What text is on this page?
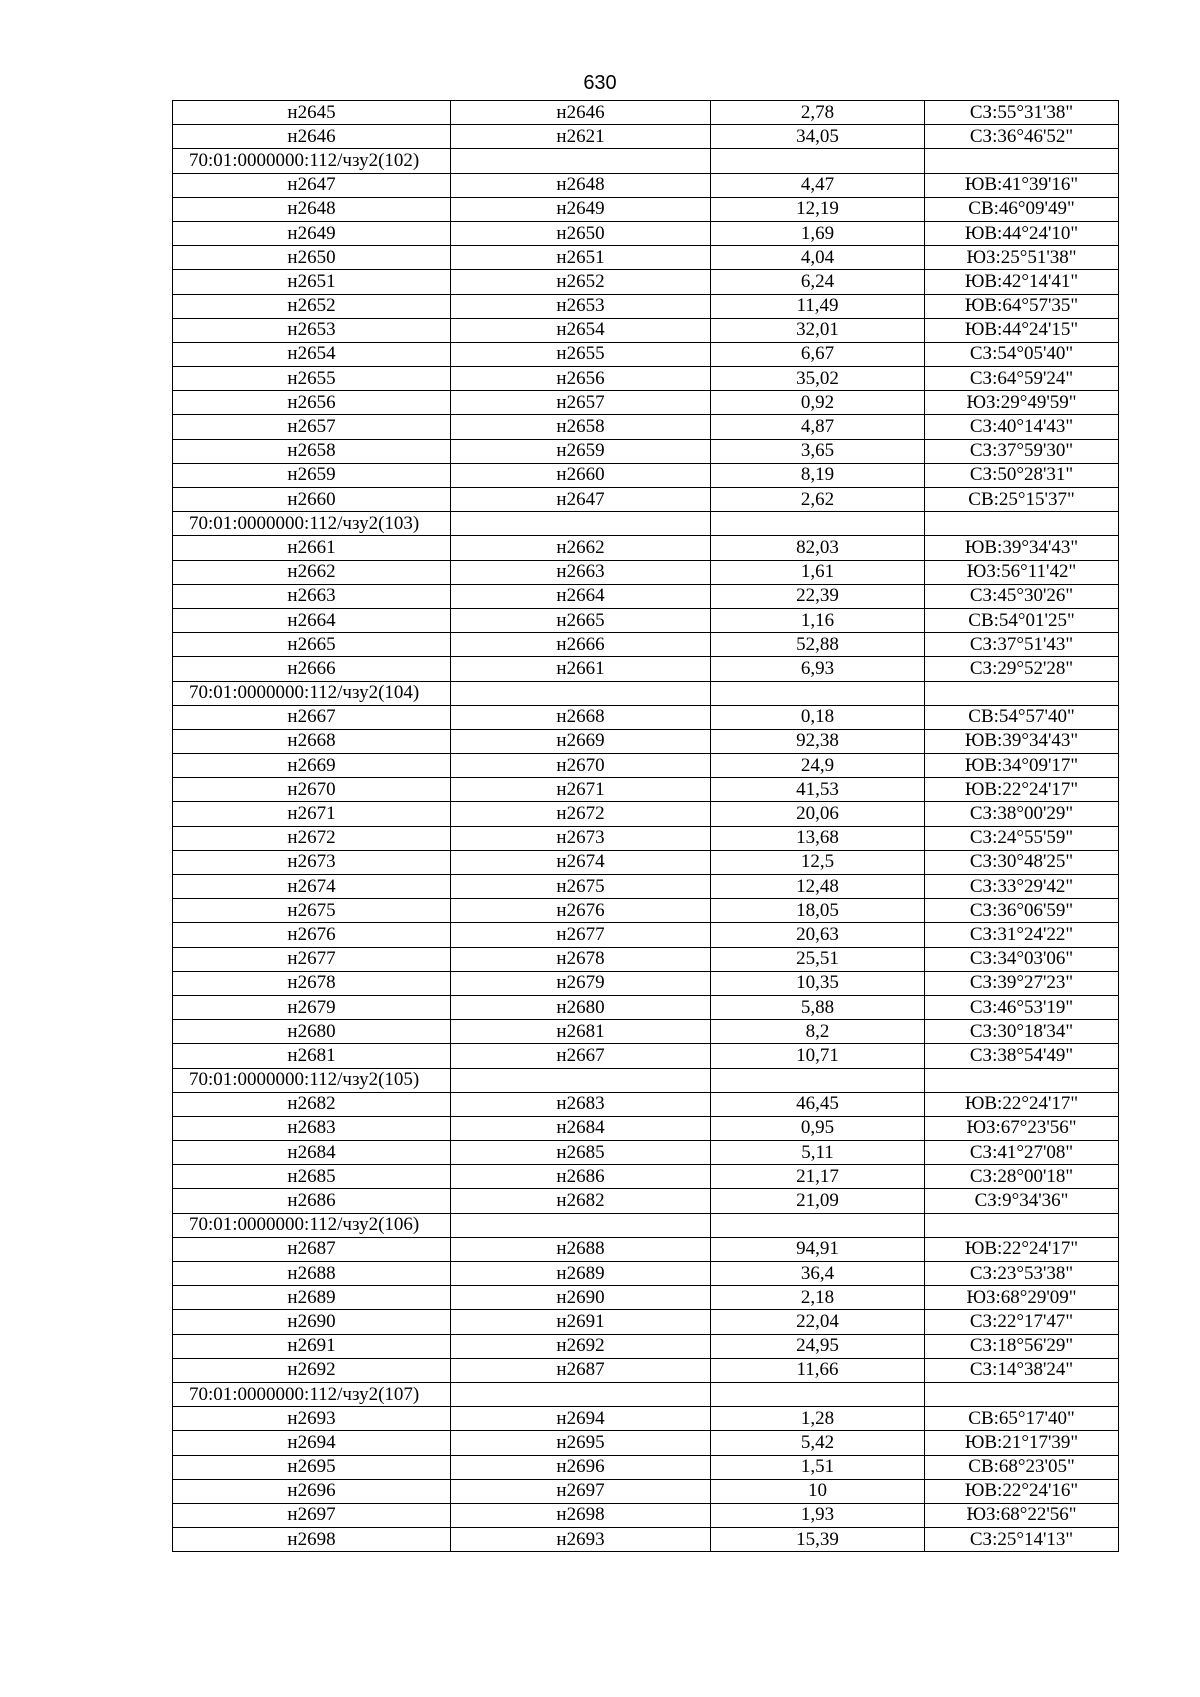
630
н2645	н2646	2,78	СЗ:55°31'38"
н2646	н2621	34,05	СЗ:36°46'52"
70:01:0000000:112/чзу2(102)			
н2647	н2648	4,47	ЮВ:41°39'16"
н2648	н2649	12,19	СВ:46°09'49"
н2649	н2650	1,69	ЮВ:44°24'10"
н2650	н2651	4,04	ЮЗ:25°51'38"
н2651	н2652	6,24	ЮВ:42°14'41"
н2652	н2653	11,49	ЮВ:64°57'35"
н2653	н2654	32,01	ЮВ:44°24'15"
н2654	н2655	6,67	СЗ:54°05'40"
н2655	н2656	35,02	СЗ:64°59'24"
н2656	н2657	0,92	ЮЗ:29°49'59"
н2657	н2658	4,87	СЗ:40°14'43"
н2658	н2659	3,65	СЗ:37°59'30"
н2659	н2660	8,19	СЗ:50°28'31"
н2660	н2647	2,62	СВ:25°15'37"
70:01:0000000:112/чзу2(103)			
н2661	н2662	82,03	ЮВ:39°34'43"
н2662	н2663	1,61	ЮЗ:56°11'42"
н2663	н2664	22,39	СЗ:45°30'26"
н2664	н2665	1,16	СВ:54°01'25"
н2665	н2666	52,88	СЗ:37°51'43"
н2666	н2661	6,93	СЗ:29°52'28"
70:01:0000000:112/чзу2(104)			
н2667	н2668	0,18	СВ:54°57'40"
н2668	н2669	92,38	ЮВ:39°34'43"
н2669	н2670	24,9	ЮВ:34°09'17"
н2670	н2671	41,53	ЮВ:22°24'17"
н2671	н2672	20,06	СЗ:38°00'29"
н2672	н2673	13,68	СЗ:24°55'59"
н2673	н2674	12,5	СЗ:30°48'25"
н2674	н2675	12,48	СЗ:33°29'42"
н2675	н2676	18,05	СЗ:36°06'59"
н2676	н2677	20,63	СЗ:31°24'22"
н2677	н2678	25,51	СЗ:34°03'06"
н2678	н2679	10,35	СЗ:39°27'23"
н2679	н2680	5,88	СЗ:46°53'19"
н2680	н2681	8,2	СЗ:30°18'34"
н2681	н2667	10,71	СЗ:38°54'49"
70:01:0000000:112/чзу2(105)			
н2682	н2683	46,45	ЮВ:22°24'17"
н2683	н2684	0,95	ЮЗ:67°23'56"
н2684	н2685	5,11	СЗ:41°27'08"
н2685	н2686	21,17	СЗ:28°00'18"
н2686	н2682	21,09	СЗ:9°34'36"
70:01:0000000:112/чзу2(106)			
н2687	н2688	94,91	ЮВ:22°24'17"
н2688	н2689	36,4	СЗ:23°53'38"
н2689	н2690	2,18	ЮЗ:68°29'09"
н2690	н2691	22,04	СЗ:22°17'47"
н2691	н2692	24,95	СЗ:18°56'29"
н2692	н2687	11,66	СЗ:14°38'24"
70:01:0000000:112/чзу2(107)			
н2693	н2694	1,28	СВ:65°17'40"
н2694	н2695	5,42	ЮВ:21°17'39"
н2695	н2696	1,51	СВ:68°23'05"
н2696	н2697	10	ЮВ:22°24'16"
н2697	н2698	1,93	ЮЗ:68°22'56"
н2698	н2693	15,39	СЗ:25°14'13"
